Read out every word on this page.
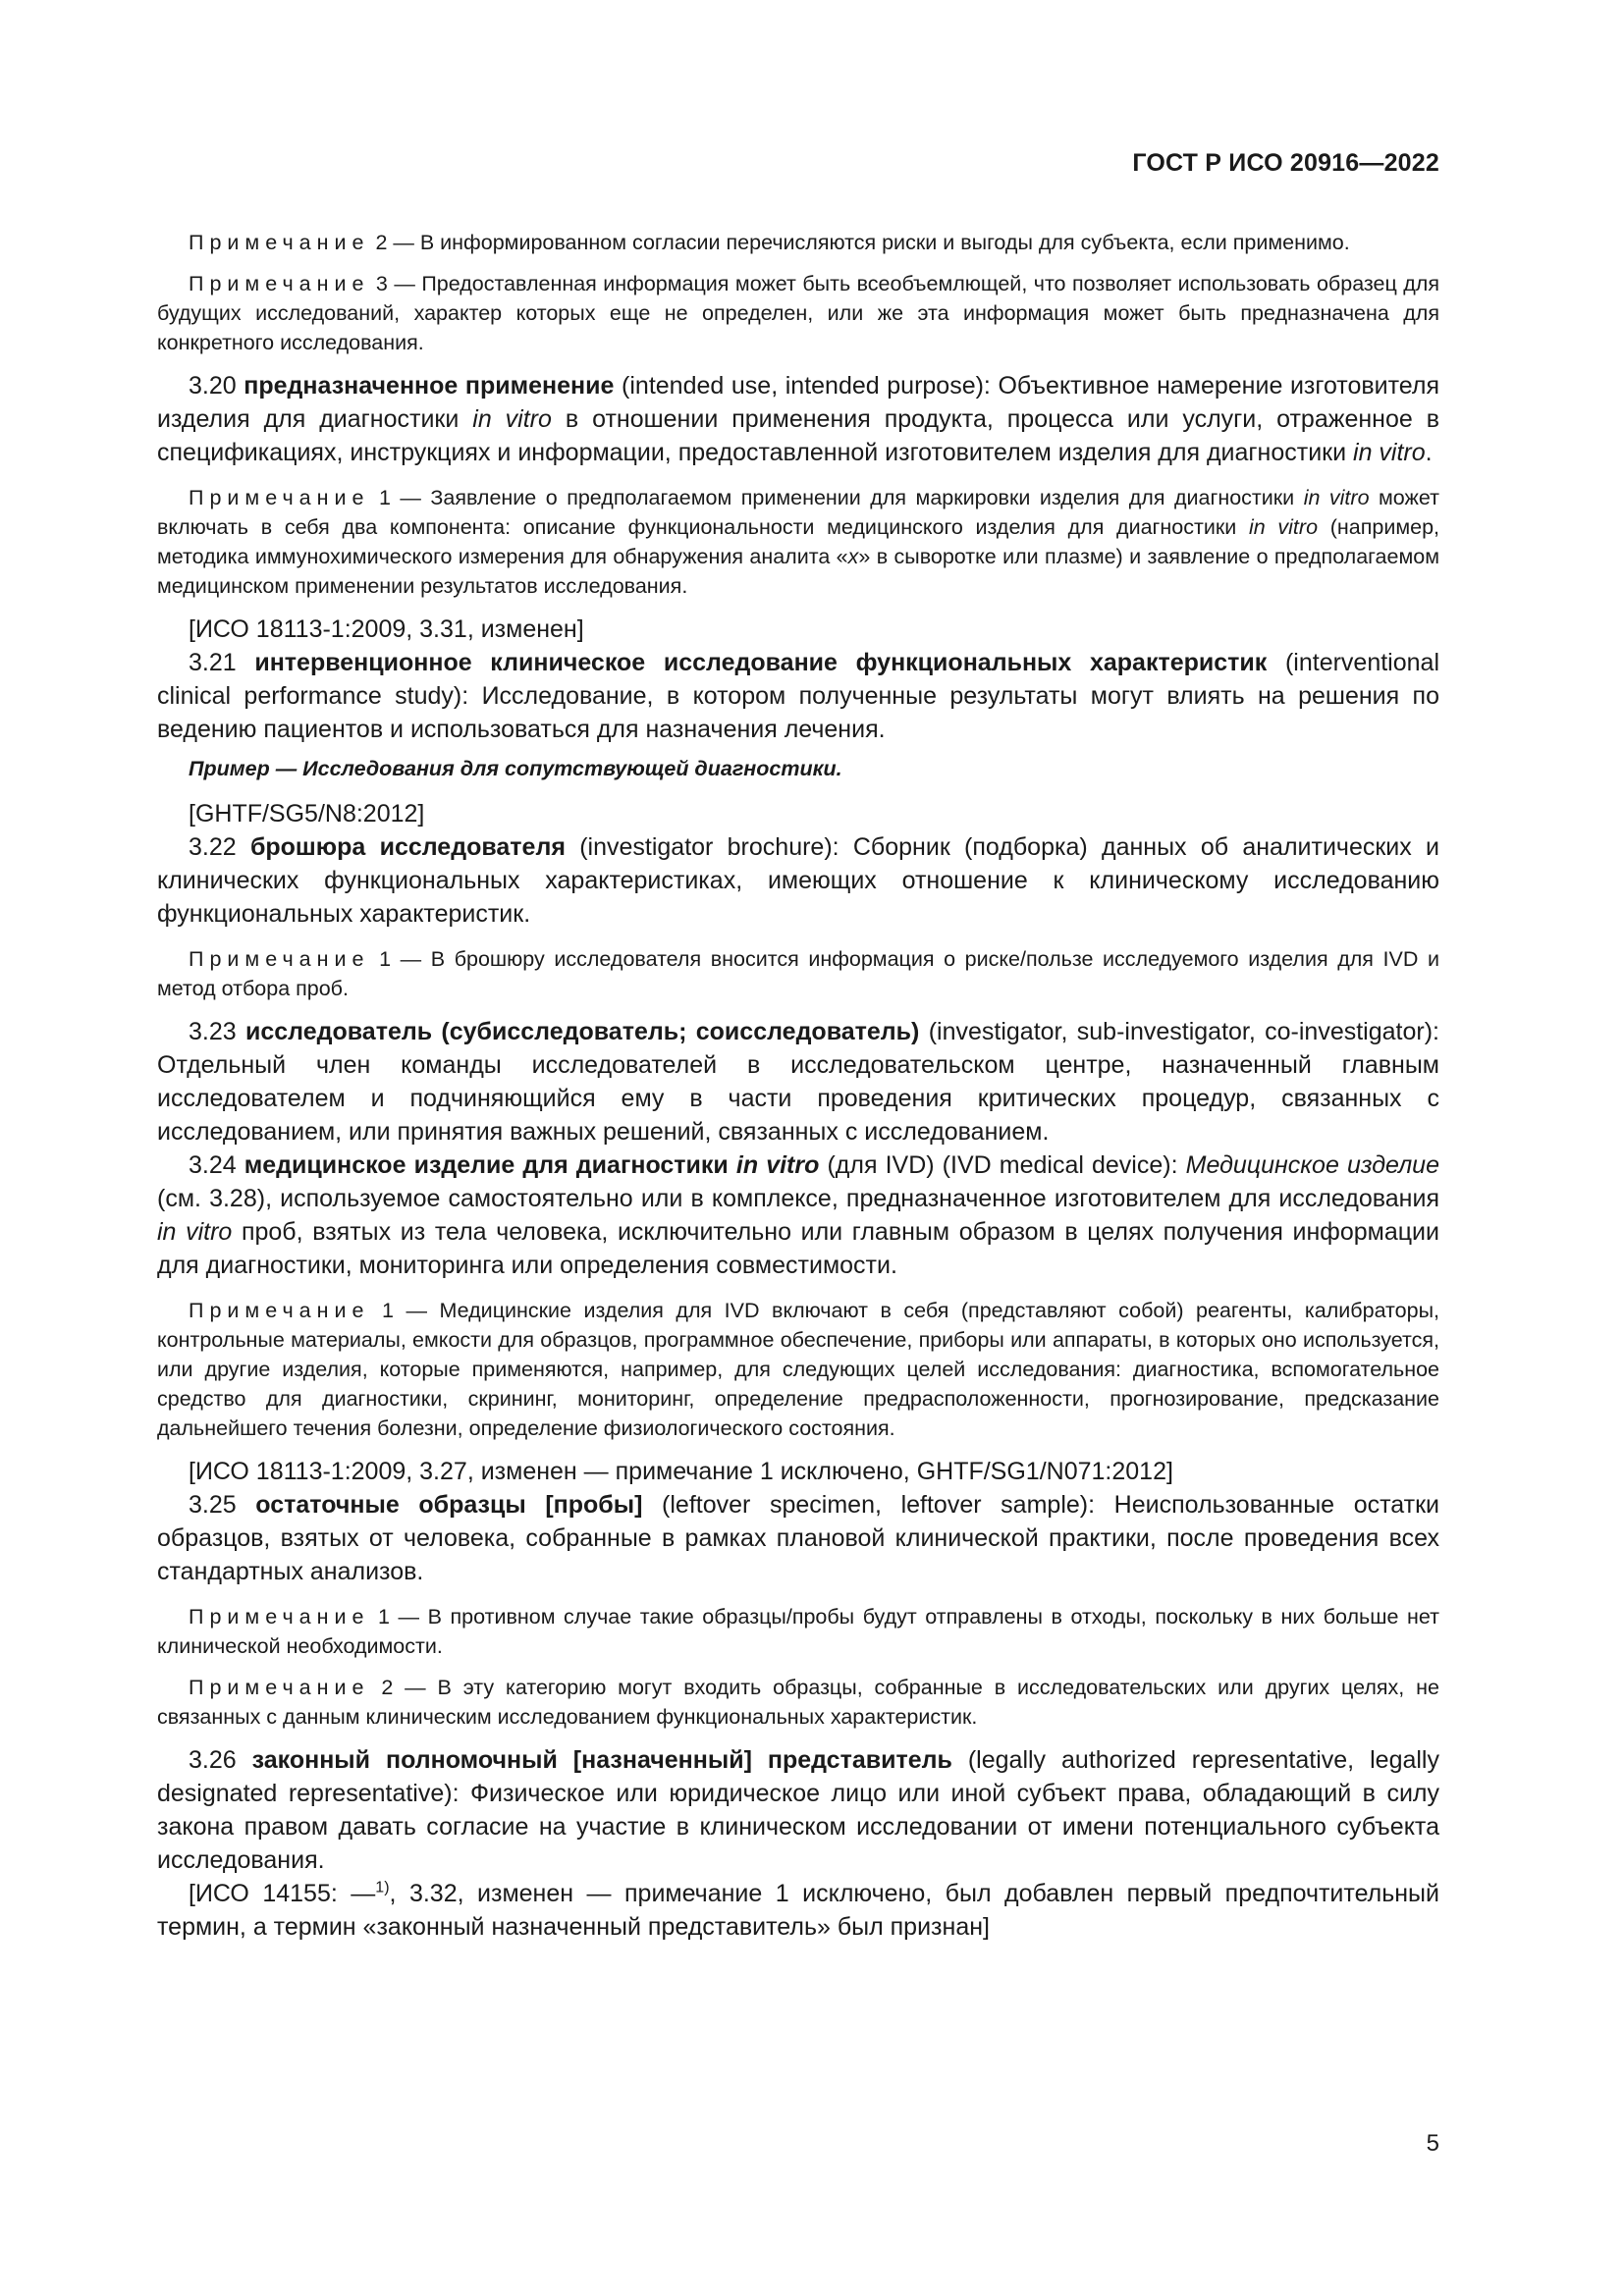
ГОСТ Р ИСО 20916—2022

Примечание 2 — В информированном согласии перечисляются риски и выгоды для субъекта, если применимо.

Примечание 3 — Предоставленная информация может быть всеобъемлющей, что позволяет использовать образец для будущих исследований, характер которых еще не определен, или же эта информация может быть предназначена для конкретного исследования.

3.20 предназначенное применение (intended use, intended purpose): Объективное намерение изготовителя изделия для диагностики in vitro в отношении применения продукта, процесса или услуги, отраженное в спецификациях, инструкциях и информации, предоставленной изготовителем изделия для диагностики in vitro.

Примечание 1 — Заявление о предполагаемом применении для маркировки изделия для диагностики in vitro может включать в себя два компонента: описание функциональности медицинского изделия для диагностики in vitro (например, методика иммунохимического измерения для обнаружения аналита «x» в сыворотке или плазме) и заявление о предполагаемом медицинском применении результатов исследования.

[ИСО 18113-1:2009, 3.31, изменен]

3.21 интервенционное клиническое исследование функциональных характеристик (interventional clinical performance study): Исследование, в котором полученные результаты могут влиять на решения по ведению пациентов и использоваться для назначения лечения.

Пример — Исследования для сопутствующей диагностики.

[GHTF/SG5/N8:2012]

3.22 брошюра исследователя (investigator brochure): Сборник (подборка) данных об аналитических и клинических функциональных характеристиках, имеющих отношение к клиническому исследованию функциональных характеристик.

Примечание 1 — В брошюру исследователя вносится информация о риске/пользе исследуемого изделия для IVD и метод отбора проб.

3.23 исследователь (субисследователь; соисследователь) (investigator, sub-investigator, co-investigator): Отдельный член команды исследователей в исследовательском центре, назначенный главным исследователем и подчиняющийся ему в части проведения критических процедур, связанных с исследованием, или принятия важных решений, связанных с исследованием.

3.24 медицинское изделие для диагностики in vitro (для IVD) (IVD medical device): Медицинское изделие (см. 3.28), используемое самостоятельно или в комплексе, предназначенное изготовителем для исследования in vitro проб, взятых из тела человека, исключительно или главным образом в целях получения информации для диагностики, мониторинга или определения совместимости.

Примечание 1 — Медицинские изделия для IVD включают в себя (представляют собой) реагенты, калибраторы, контрольные материалы, емкости для образцов, программное обеспечение, приборы или аппараты, в которых оно используется, или другие изделия, которые применяются, например, для следующих целей исследования: диагностика, вспомогательное средство для диагностики, скрининг, мониторинг, определение предрасположенности, прогнозирование, предсказание дальнейшего течения болезни, определение физиологического состояния.

[ИСО 18113-1:2009, 3.27, изменен — примечание 1 исключено, GHTF/SG1/N071:2012]

3.25 остаточные образцы [пробы] (leftover specimen, leftover sample): Неиспользованные остатки образцов, взятых от человека, собранные в рамках плановой клинической практики, после проведения всех стандартных анализов.

Примечание 1 — В противном случае такие образцы/пробы будут отправлены в отходы, поскольку в них больше нет клинической необходимости.

Примечание 2 — В эту категорию могут входить образцы, собранные в исследовательских или других целях, не связанных с данным клиническим исследованием функциональных характеристик.

3.26 законный полномочный [назначенный] представитель (legally authorized representative, legally designated representative): Физическое или юридическое лицо или иной субъект права, обладающий в силу закона правом давать согласие на участие в клиническом исследовании от имени потенциального субъекта исследования.

[ИСО 14155: —$^{1)}$, 3.32, изменен — примечание 1 исключено, был добавлен первый предпочтительный термин, а термин «законный назначенный представитель» был признан]

5
